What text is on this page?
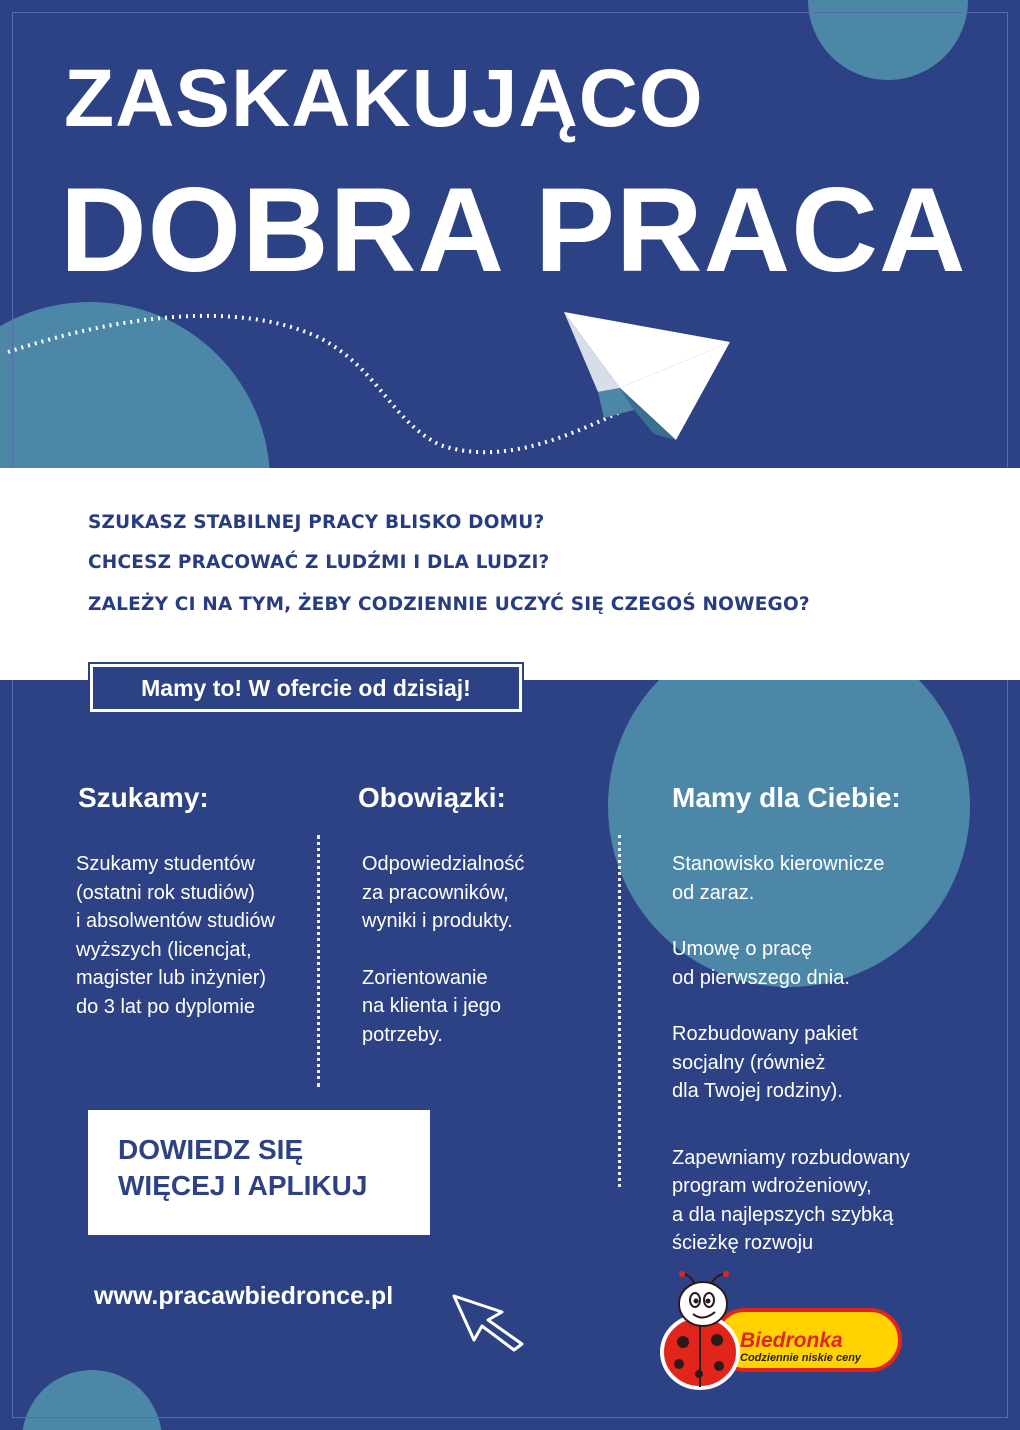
ZASKAKUJĄCO
DOBRA PRACA

SZUKASZ STABILNEJ PRACY BLISKO DOMU?

CHCESZ PRACOWAĆ Z LUDŹMI I DLA LUDZI?

ZALEŻY CI NA TYM, ŻEBY CODZIENNIE UCZYĆ SIĘ CZEGOŚ NOWEGO?

Mamy to! W ofercie od dzisiaj!
Szukamy:	Obowiązki:	Mamy dla Ciebie:

Szukamy studentów

(ostatni rok studiów)

i absolwentów studiów

wyższych (licencjat,

magister lub inżynier)

do 3 lat po dyplomie

Odpowiedzialność

za pracowników,

wyniki i produkty.

Zorientowanie

na klienta i jego

potrzeby.

Stanowisko kierownicze

od zaraz.

Umowę o pracę

od pierwszego dnia.

Rozbudowany pakiet

socjalny (również

dla Twojej rodziny).

Zapewniamy rozbudowany

program wdrożeniowy,

a dla najlepszych szybką

ścieżkę rozwoju

DOWIEDZ SIĘ
WIĘCEJ I APLIKUJ
www.pracawbiedronce.pl
Biedronka
Codziennie niskie ceny
